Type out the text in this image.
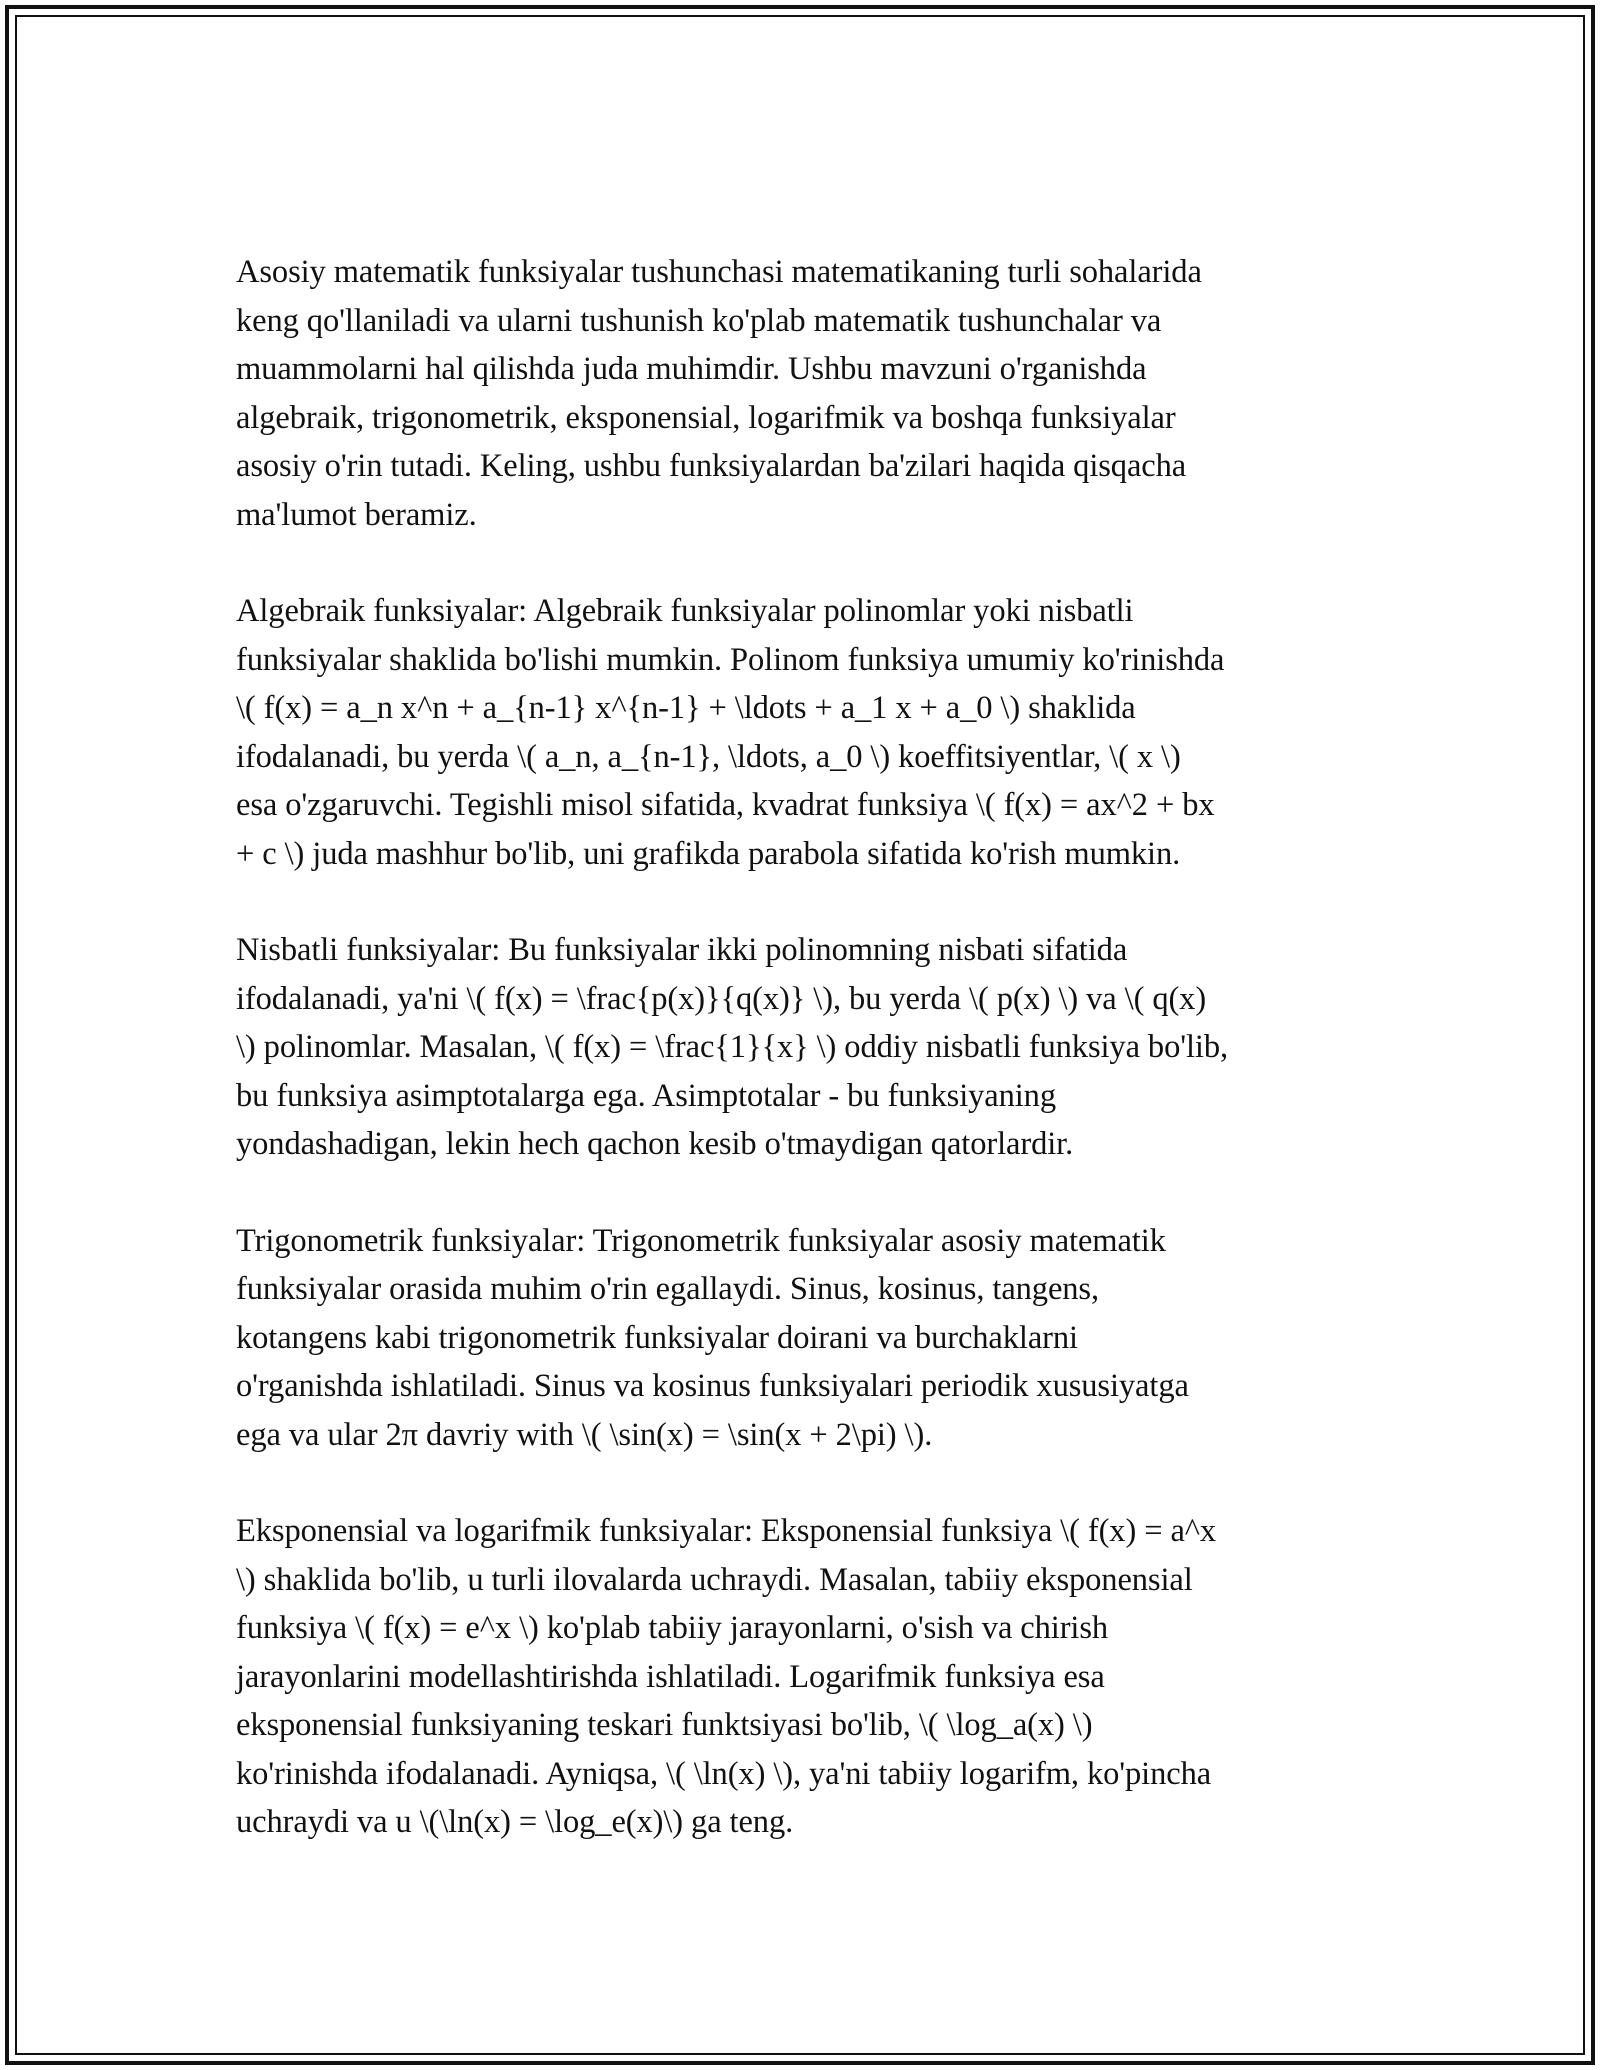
Asosiy matematik funksiyalar tushunchasi matematikaning turli sohalarida
keng qo'llaniladi va ularni tushunish ko'plab matematik tushunchalar va
muammolarni hal qilishda juda muhimdir. Ushbu mavzuni o'rganishda
algebraik, trigonometrik, eksponensial, logarifmik va boshqa funksiyalar
asosiy o'rin tutadi. Keling, ushbu funksiyalardan ba'zilari haqida qisqacha
ma'lumot beramiz.

Algebraik funksiyalar: Algebraik funksiyalar polinomlar yoki nisbatli
funksiyalar shaklida bo'lishi mumkin. Polinom funksiya umumiy ko'rinishda
\( f(x) = a_n x^n + a_{n-1} x^{n-1} + \ldots + a_1 x + a_0 \) shaklida
ifodalanadi, bu yerda \( a_n, a_{n-1}, \ldots, a_0 \) koeffitsiyentlar, \( x \)
esa o'zgaruvchi. Tegishli misol sifatida, kvadrat funksiya \( f(x) = ax^2 + bx
+ c \) juda mashhur bo'lib, uni grafikda parabola sifatida ko'rish mumkin.

Nisbatli funksiyalar: Bu funksiyalar ikki polinomning nisbati sifatida
ifodalanadi, ya'ni \( f(x) = \frac{p(x)}{q(x)} \), bu yerda \( p(x) \) va \( q(x)
\) polinomlar. Masalan, \( f(x) = \frac{1}{x} \) oddiy nisbatli funksiya bo'lib,
bu funksiya asimptotalarga ega. Asimptotalar - bu funksiyaning
yondashadigan, lekin hech qachon kesib o'tmaydigan qatorlardir.

Trigonometrik funksiyalar: Trigonometrik funksiyalar asosiy matematik
funksiyalar orasida muhim o'rin egallaydi. Sinus, kosinus, tangens,
kotangens kabi trigonometrik funksiyalar doirani va burchaklarni
o'rganishda ishlatiladi. Sinus va kosinus funksiyalari periodik xususiyatga
ega va ular 2π davriy with \( \sin(x) = \sin(x + 2\pi) \).

Eksponensial va logarifmik funksiyalar: Eksponensial funksiya \( f(x) = a^x
\) shaklida bo'lib, u turli ilovalarda uchraydi. Masalan, tabiiy eksponensial
funksiya \( f(x) = e^x \) ko'plab tabiiy jarayonlarni, o'sish va chirish
jarayonlarini modellashtirishda ishlatiladi. Logarifmik funksiya esa
eksponensial funksiyaning teskari funktsiyasi bo'lib, \( \log_a(x) \)
ko'rinishda ifodalanadi. Ayniqsa, \( \ln(x) \), ya'ni tabiiy logarifm, ko'pincha
uchraydi va u \(\ln(x) = \log_e(x)\) ga teng.
